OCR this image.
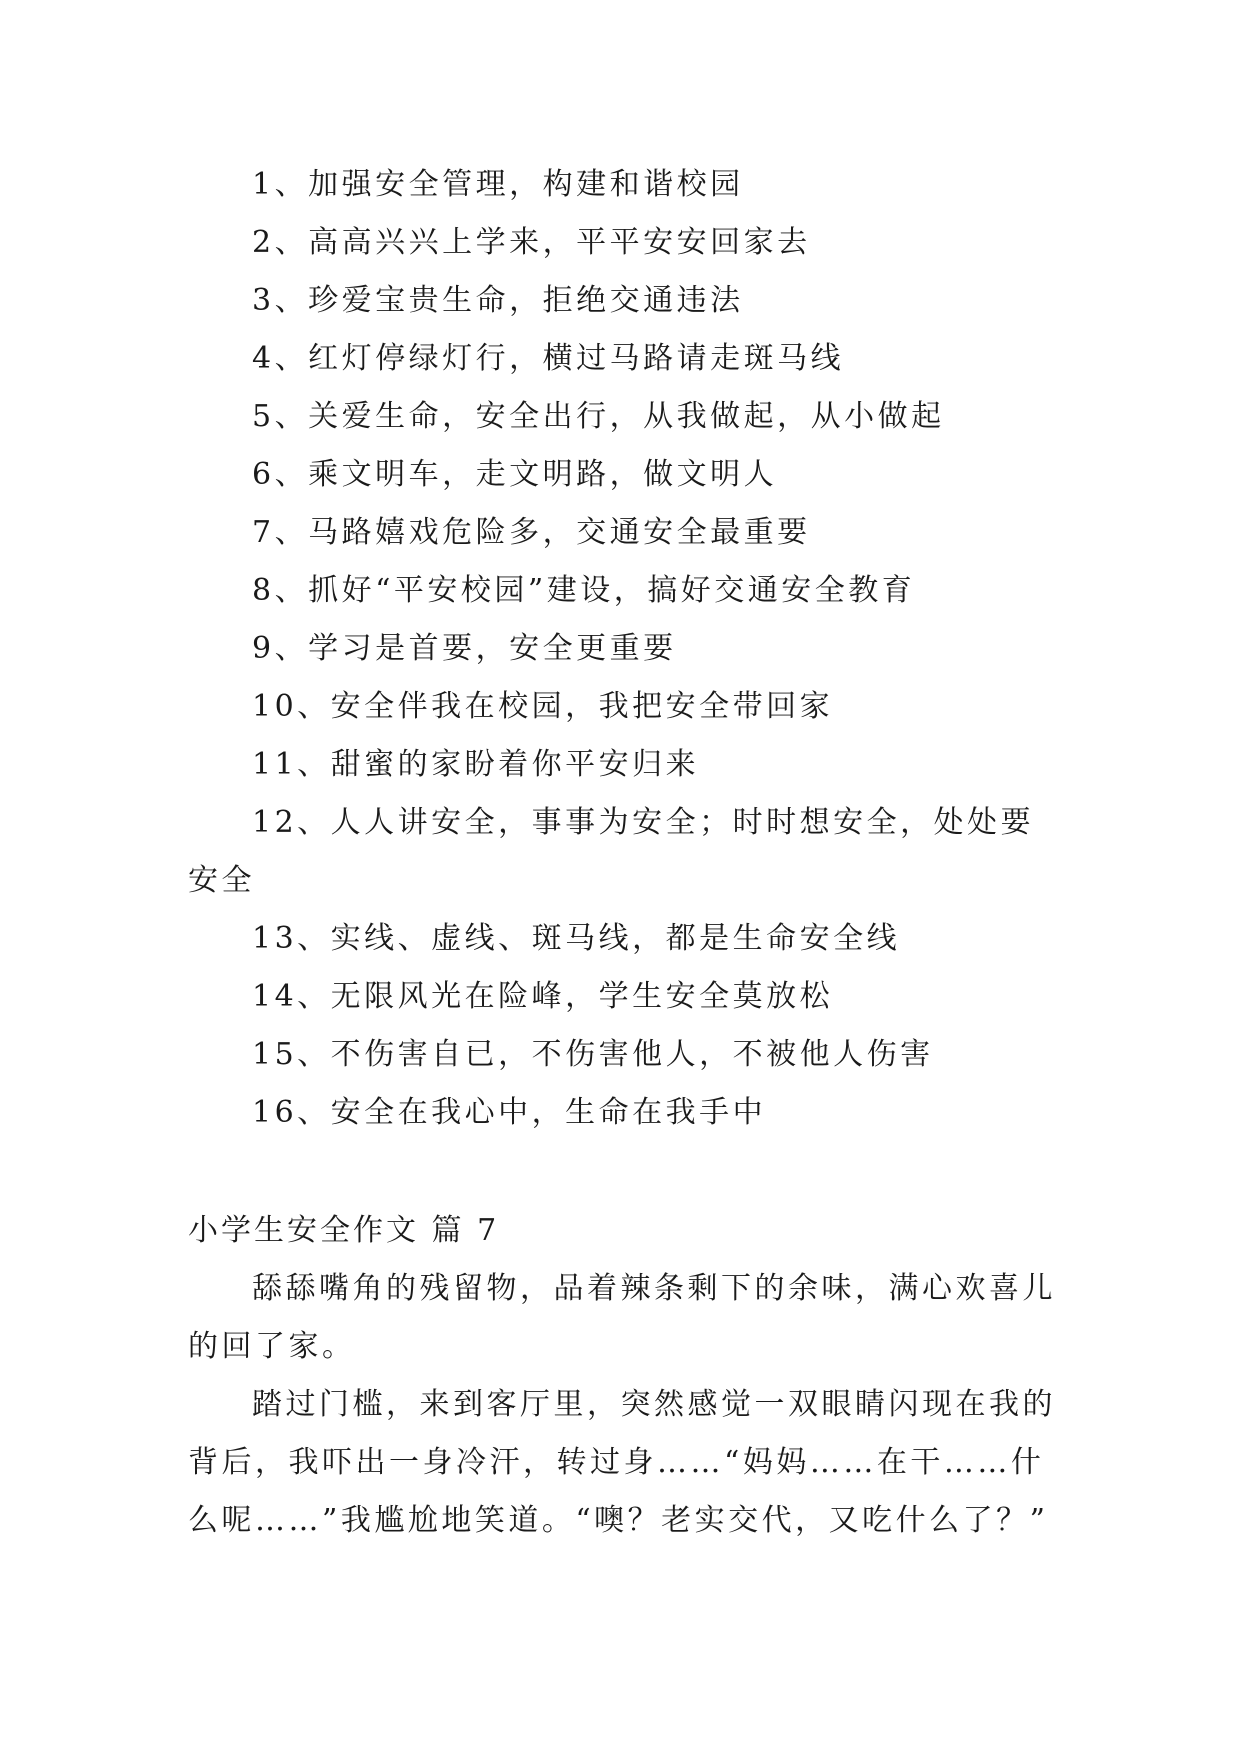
1、加强安全管理，构建和谐校园

2、高高兴兴上学来，平平安安回家去

3、珍爱宝贵生命，拒绝交通违法

4、红灯停绿灯行，横过马路请走斑马线

5、关爱生命，安全出行，从我做起，从小做起

6、乘文明车，走文明路，做文明人

7、马路嬉戏危险多，交通安全最重要

8、抓好“平安校园”建设，搞好交通安全教育

9、学习是首要，安全更重要

10、安全伴我在校园，我把安全带回家

11、甜蜜的家盼着你平安归来

12、人人讲安全，事事为安全；时时想安全，处处要安全

13、实线、虚线、斑马线，都是生命安全线

14、无限风光在险峰，学生安全莫放松

15、不伤害自已，不伤害他人，不被他人伤害

16、安全在我心中，生命在我手中

小学生安全作文 篇 7

舔舔嘴角的残留物，品着辣条剩下的余味，满心欢喜儿的回了家。

踏过门槛，来到客厅里，突然感觉一双眼睛闪现在我的背后，我吓出一身冷汗，转过身……“妈妈……在干……什么呢……”我尴尬地笑道。“噢？老实交代，又吃什么了？”
